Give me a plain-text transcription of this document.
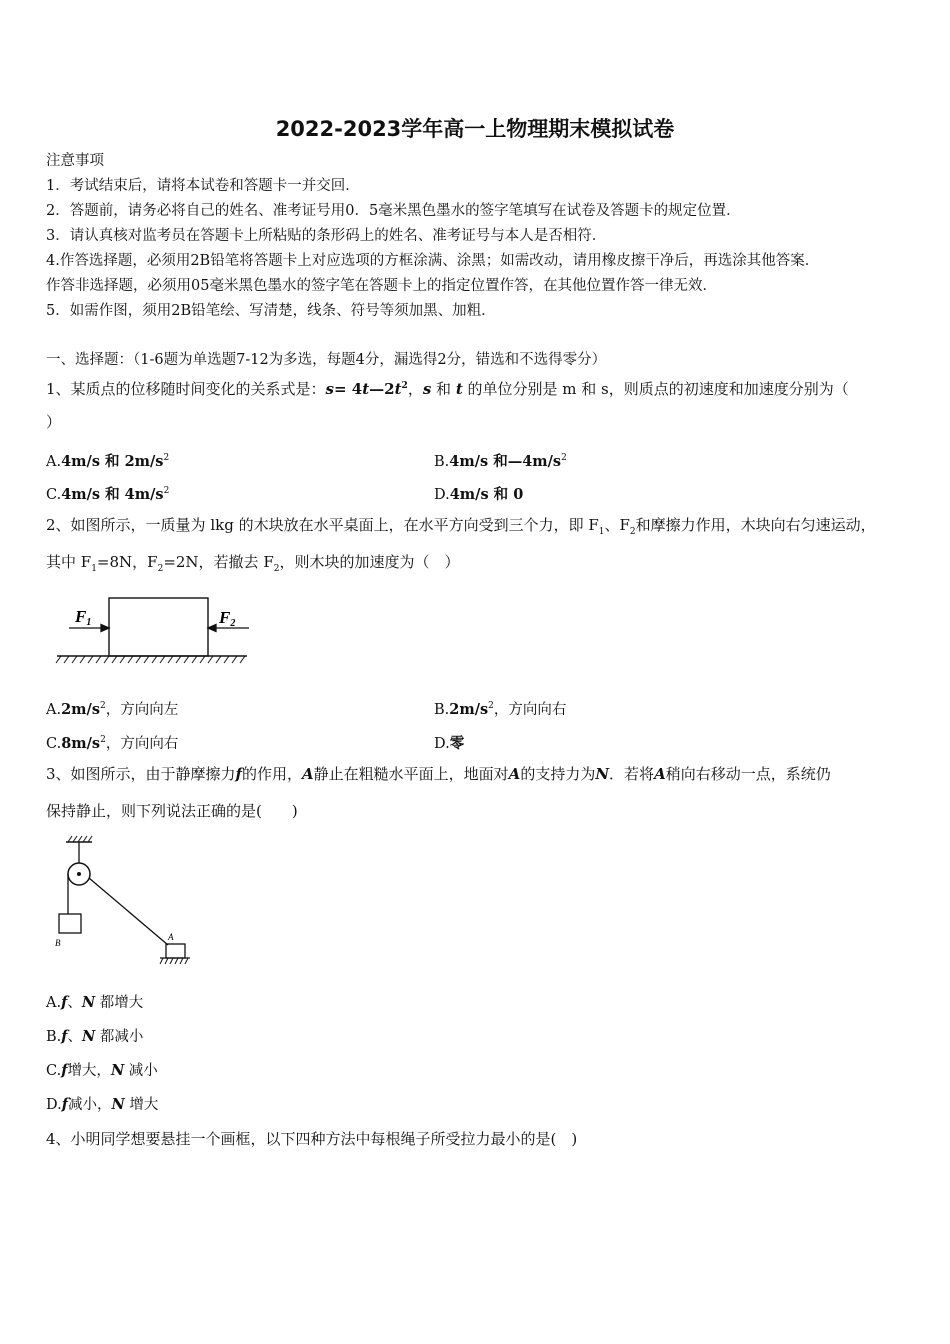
2022-2023学年高一上物理期末模拟试卷
注意事项
1．考试结束后，请将本试卷和答题卡一并交回．
2．答题前，请务必将自己的姓名、准考证号用0．5毫米黑色墨水的签字笔填写在试卷及答题卡的规定位置．
3．请认真核对监考员在答题卡上所粘贴的条形码上的姓名、准考证号与本人是否相符．
4.作答选择题，必须用2B铅笔将答题卡上对应选项的方框涂满、涂黑；如需改动，请用橡皮擦干净后，再选涂其他答案．
作答非选择题，必须用05毫米黑色墨水的签字笔在答题卡上的指定位置作答，在其他位置作答一律无效．
5．如需作图，须用2B铅笔绘、写清楚，线条、符号等须加黑、加粗．
一、选择题：（1-6题为单选题7-12为多选，每题4分，漏选得2分，错选和不选得零分）
1、某质点的位移随时间变化的关系式是：$s= 4t—2t^2$，s 和 t 的单位分别是 m 和 s，则质点的初速度和加速度分别为（
）
A.4m/s 和 $2m/s^2$	B.4m/s 和$—4m/s^2$
C.4m/s 和 $4m/s^2$	D.4m/s 和 0
2、如图所示，一质量为 lkg 的木块放在水平桌面上，在水平方向受到三个力，即 $F_1$、$F_2$和摩擦力作用，木块向右匀速运动，
其中 $F_1=8N$，$F_2=2N$，若撤去 $F_2$，则木块的加速度为（　）
F1	F2
$A.2m/s^2$，方向向左	$B.2m/s^2$，方向向右
$C.8m/s^2$，方向向右	D.零
3、如图所示，由于静摩擦力f的作用，A静止在粗糙水平面上，地面对A的支持力为N．若将A稍向右移动一点，系统仍
保持静止，则下列说法正确的是(　　)
B
A
A.f、N 都增大
B.f、N 都减小
C.f增大，N 减小
D.f减小，N 增大
4、小明同学想要悬挂一个画框，以下四种方法中每根绳子所受拉力最小的是(　)
